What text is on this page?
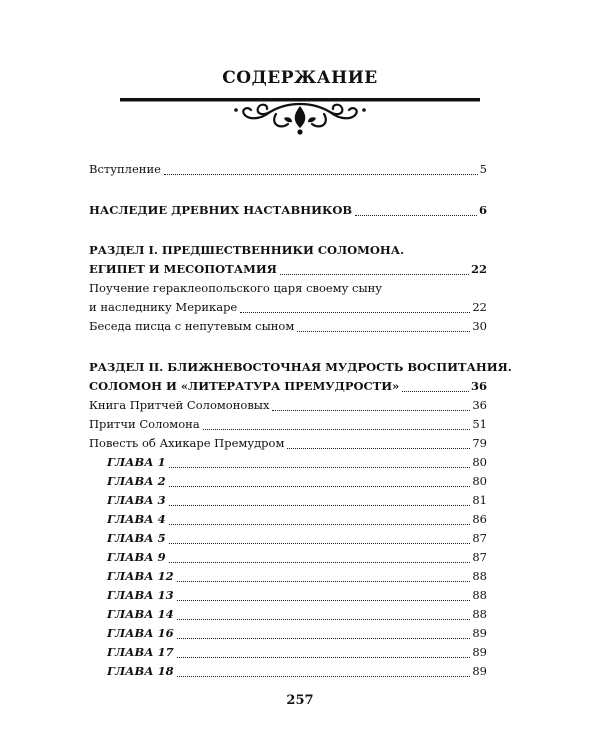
СОДЕРЖАНИЕ
Вступление	5
НАСЛЕДИЕ ДРЕВНИХ НАСТАВНИКОВ	6
РАЗДЕЛ I. ПРЕДШЕСТВЕННИКИ СОЛОМОНА.
ЕГИПЕТ И МЕСОПОТАМИЯ	22
Поучение гераклеопольского царя своему сыну
и наследнику Мерикаре	22
Беседа писца с непутевым сыном	30
РАЗДЕЛ II. БЛИЖНЕВОСТОЧНАЯ МУДРОСТЬ ВОСПИТАНИЯ.
СОЛОМОН И «ЛИТЕРАТУРА ПРЕМУДРОСТИ»	36
Книга Притчей Соломоновых	36
Притчи Соломона	51
Повесть об Ахикаре Премудром	79
ГЛАВА 1	80
ГЛАВА 2	80
ГЛАВА 3	81
ГЛАВА 4	86
ГЛАВА 5	87
ГЛАВА 9	87
ГЛАВА 12	88
ГЛАВА 13	88
ГЛАВА 14	88
ГЛАВА 16	89
ГЛАВА 17	89
ГЛАВА 18	89
257
